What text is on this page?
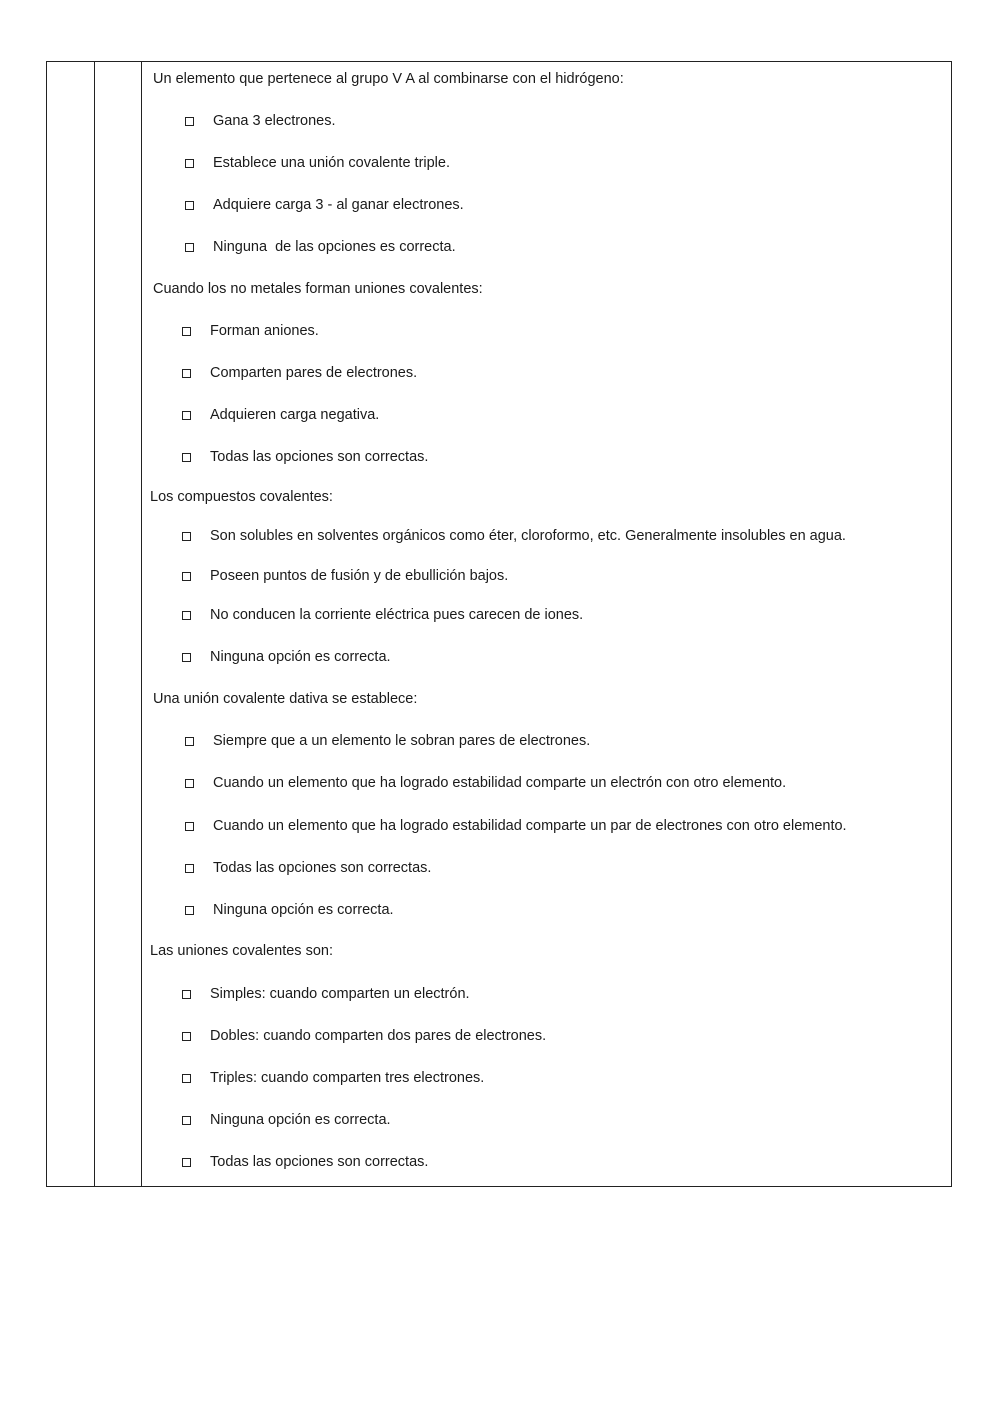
Un elemento que pertenece al grupo V A al combinarse con el hidrógeno:
Gana 3 electrones.
Establece una unión covalente triple.
Adquiere carga 3 - al ganar electrones.
Ninguna  de las opciones es correcta.
Cuando los no metales forman uniones covalentes:
Forman aniones.
Comparten pares de electrones.
Adquieren carga negativa.
Todas las opciones son correctas.
Los compuestos covalentes:
Son solubles en solventes orgánicos como éter, cloroformo, etc. Generalmente insolubles en agua.
Poseen puntos de fusión y de ebullición bajos.
No conducen la corriente eléctrica pues carecen de iones.
Ninguna opción es correcta.
Una unión covalente dativa se establece:
Siempre que a un elemento le sobran pares de electrones.
Cuando un elemento que ha logrado estabilidad comparte un electrón con otro elemento.
Cuando un elemento que ha logrado estabilidad comparte un par de electrones con otro elemento.
Todas las opciones son correctas.
Ninguna opción es correcta.
Las uniones covalentes son:
Simples: cuando comparten un electrón.
Dobles: cuando comparten dos pares de electrones.
Triples: cuando comparten tres electrones.
Ninguna opción es correcta.
Todas las opciones son correctas.
